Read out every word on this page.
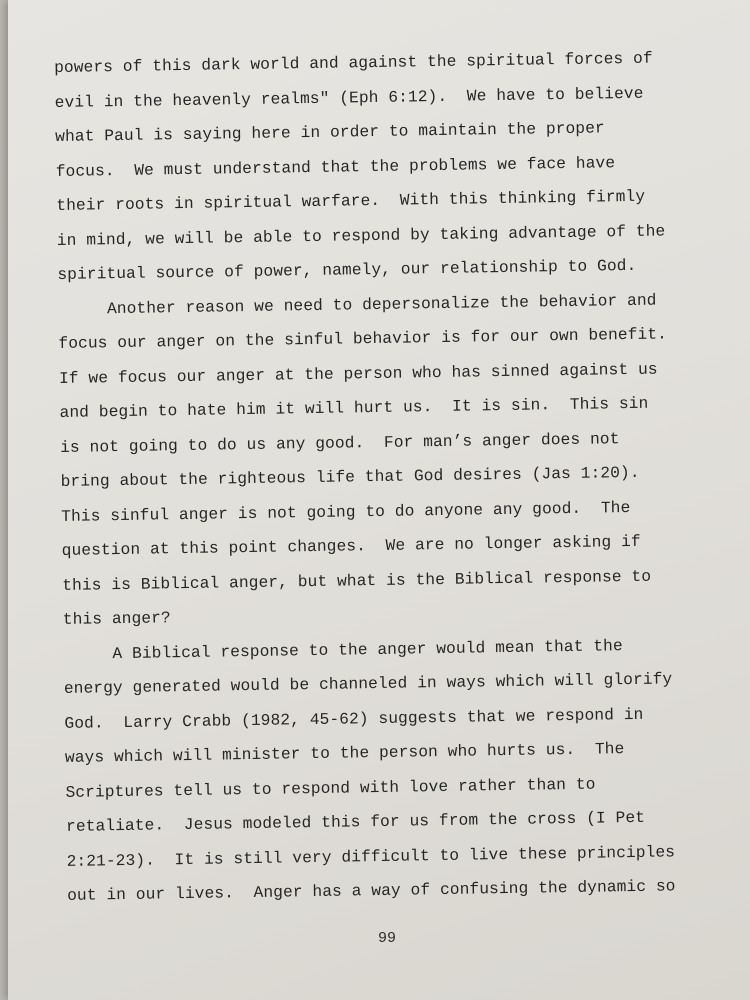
powers of this dark world and against the spiritual forces of
evil in the heavenly realms" (Eph 6:12).  We have to believe
what Paul is saying here in order to maintain the proper
focus.  We must understand that the problems we face have
their roots in spiritual warfare.  With this thinking firmly
in mind, we will be able to respond by taking advantage of the
spiritual source of power, namely, our relationship to God.
Another reason we need to depersonalize the behavior and
focus our anger on the sinful behavior is for our own benefit.
If we focus our anger at the person who has sinned against us
and begin to hate him it will hurt us.  It is sin.  This sin
is not going to do us any good.  For man’s anger does not
bring about the righteous life that God desires (Jas 1:20).
This sinful anger is not going to do anyone any good.  The
question at this point changes.  We are no longer asking if
this is Biblical anger, but what is the Biblical response to
this anger?
A Biblical response to the anger would mean that the
energy generated would be channeled in ways which will glorify
God.  Larry Crabb (1982, 45-62) suggests that we respond in
ways which will minister to the person who hurts us.  The
Scriptures tell us to respond with love rather than to
retaliate.  Jesus modeled this for us from the cross (I Pet
2:21-23).  It is still very difficult to live these principles
out in our lives.  Anger has a way of confusing the dynamic so
99
